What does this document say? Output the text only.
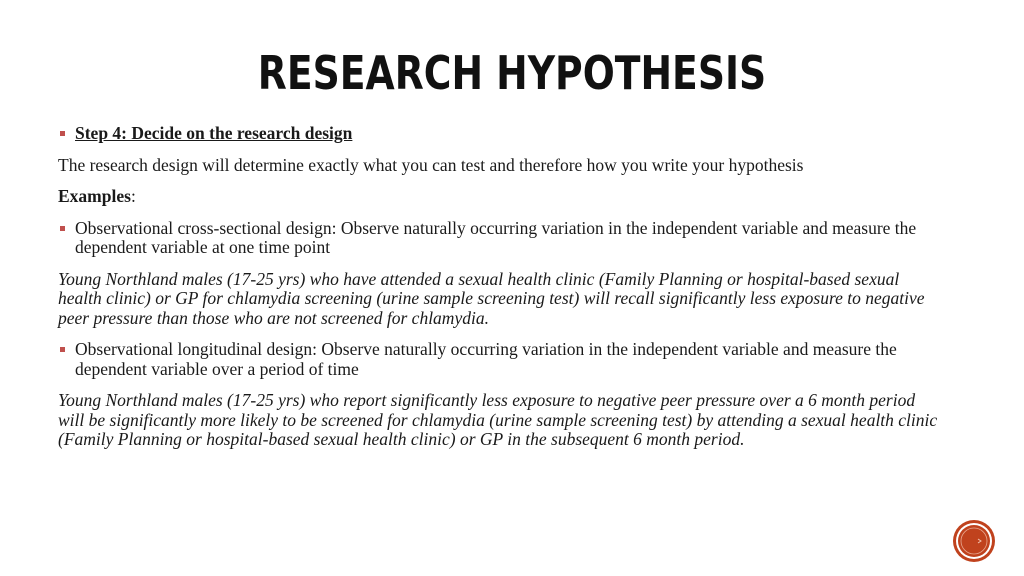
RESEARCH HYPOTHESIS
Step 4: Decide on the research design

The research design will determine exactly what you can test and therefore how you write your hypothesis

Examples:

Observational cross-sectional design: Observe naturally occurring variation in the independent variable and measure the dependent variable at one time point

Young Northland males (17-25 yrs) who have attended a sexual health clinic (Family Planning or hospital-based sexual health clinic) or GP for chlamydia screening (urine sample screening test) will recall significantly less exposure to negative peer pressure than those who are not screened for chlamydia.

Observational longitudinal design: Observe naturally occurring variation in the independent variable and measure the dependent variable over a period of time

Young Northland males (17-25 yrs) who report significantly less exposure to negative peer pressure over a 6 month period will be significantly more likely to be screened for chlamydia (urine sample screening test) by attending a sexual health clinic (Family Planning or hospital-based sexual health clinic) or GP in the subsequent 6 month period.
